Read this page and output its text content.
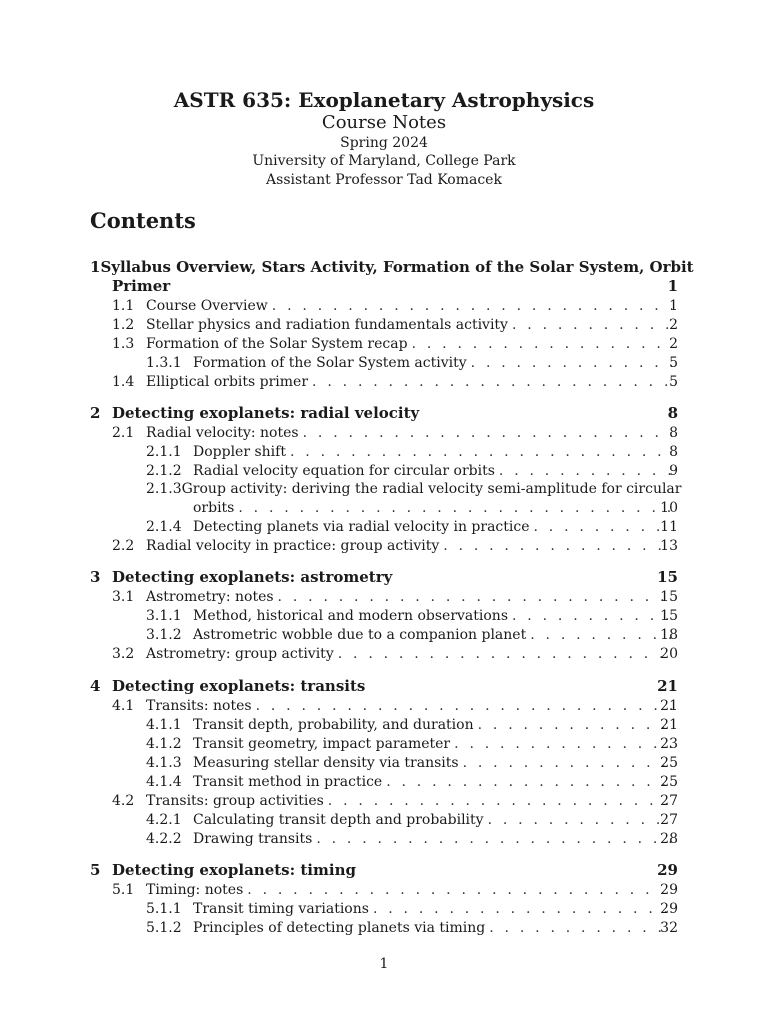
ASTR 635: Exoplanetary Astrophysics
Course Notes
Spring 2024
University of Maryland, College Park
Assistant Professor Tad Komacek
Contents
1 Syllabus Overview, Stars Activity, Formation of the Solar System, Orbit
Primer	1
1.1 Course Overview . . .	1
1.2 Stellar physics and radiation fundamentals activity . . .	2
1.3 Formation of the Solar System recap . . .	2
1.3.1 Formation of the Solar System activity . . .	5
1.4 Elliptical orbits primer . . .	5
2 Detecting exoplanets: radial velocity	8
2.1 Radial velocity: notes . . .	8
2.1.1 Doppler shift . . .	8
2.1.2 Radial velocity equation for circular orbits . . .	9
2.1.3 Group activity: deriving the radial velocity semi-amplitude for circular
orbits . . .	10
2.1.4 Detecting planets via radial velocity in practice . . .	11
2.2 Radial velocity in practice: group activity . . .	13
3 Detecting exoplanets: astrometry	15
3.1 Astrometry: notes . . .	15
3.1.1 Method, historical and modern observations . . .	15
3.1.2 Astrometric wobble due to a companion planet . . .	18
3.2 Astrometry: group activity . . .	20
4 Detecting exoplanets: transits	21
4.1 Transits: notes . . .	21
4.1.1 Transit depth, probability, and duration . . .	21
4.1.2 Transit geometry, impact parameter . . .	23
4.1.3 Measuring stellar density via transits . . .	25
4.1.4 Transit method in practice . . .	25
4.2 Transits: group activities . . .	27
4.2.1 Calculating transit depth and probability . . .	27
4.2.2 Drawing transits . . .	28
5 Detecting exoplanets: timing	29
5.1 Timing: notes . . .	29
5.1.1 Transit timing variations . . .	29
5.1.2 Principles of detecting planets via timing . . .	32
1
